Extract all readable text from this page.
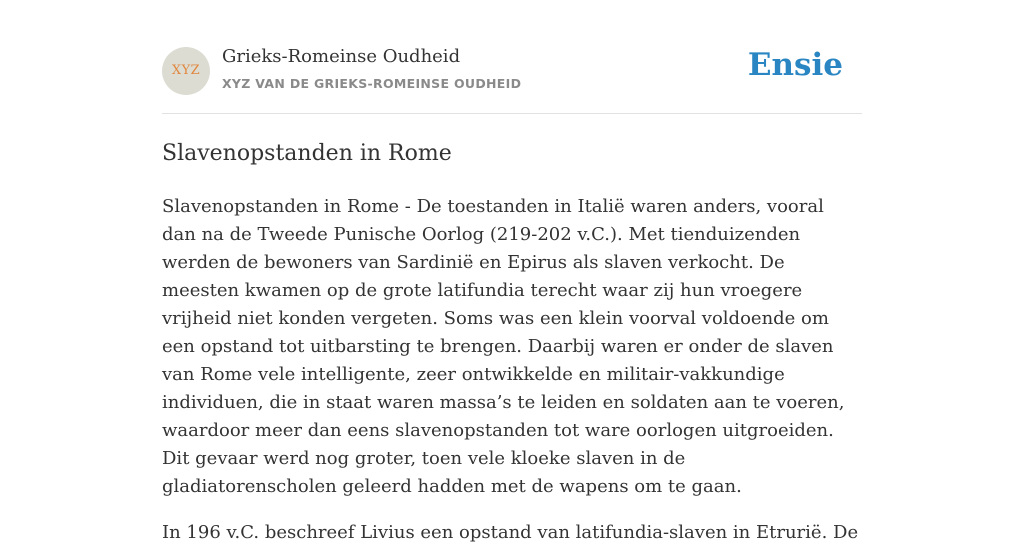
XYZ
Grieks-Romeinse Oudheid
XYZ VAN DE GRIEKS-ROMEINSE OUDHEID
Ensie
Slavenopstanden in Rome

Slavenopstanden in Rome - De toestanden in Italië waren anders, vooral dan na de Tweede Punische Oorlog (219-202 v.C.). Met tienduizenden werden de bewoners van Sardinië en Epirus als slaven verkocht. De meesten kwamen op de grote latifundia terecht waar zij hun vroegere vrijheid niet konden vergeten. Soms was een klein voorval voldoende om een opstand tot uitbarsting te brengen. Daarbij waren er onder de slaven van Rome vele intelligente, zeer ontwikkelde en militair-vakkundige individuen, die in staat waren massa’s te leiden en soldaten aan te voeren, waardoor meer dan eens slavenopstanden tot ware oorlogen uitgroeiden. Dit gevaar werd nog groter, toen vele kloeke slaven in de gladiatorenscholen geleerd hadden met de wapens om te gaan.

In 196 v.C. beschreef Livius een opstand van latifundia-slaven in Etrurië. De
